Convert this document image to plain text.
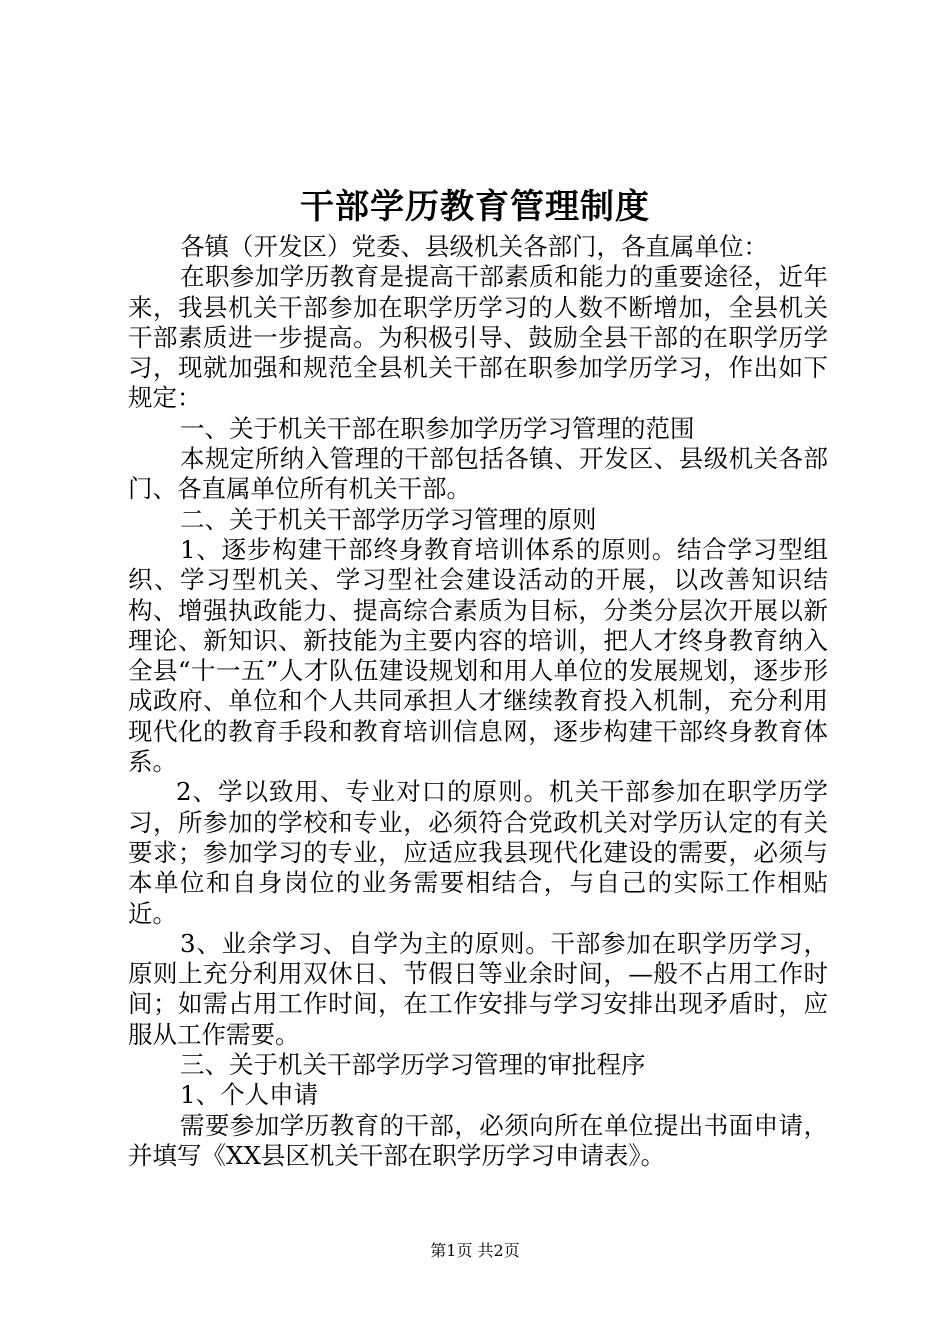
干部学历教育管理制度

各镇（开发区）党委、县级机关各部门，各直属单位：

在职参加学历教育是提高干部素质和能力的重要途径，近年来，我县机关干部参加在职学历学习的人数不断增加，全县机关干部素质进一步提高。为积极引导、鼓励全县干部的在职学历学习，现就加强和规范全县机关干部在职参加学历学习，作出如下规定：

一、关于机关干部在职参加学历学习管理的范围

本规定所纳入管理的干部包括各镇、开发区、县级机关各部门、各直属单位所有机关干部。

二、关于机关干部学历学习管理的原则

1、逐步构建干部终身教育培训体系的原则。结合学习型组织、学习型机关、学习型社会建设活动的开展，以改善知识结构、增强执政能力、提高综合素质为目标，分类分层次开展以新理论、新知识、新技能为主要内容的培训，把人才终身教育纳入全县“十一五”人才队伍建设规划和用人单位的发展规划，逐步形成政府、单位和个人共同承担人才继续教育投入机制，充分利用现代化的教育手段和教育培训信息网，逐步构建干部终身教育体系。

2、学以致用、专业对口的原则。机关干部参加在职学历学习，所参加的学校和专业，必须符合党政机关对学历认定的有关要求；参加学习的专业，应适应我县现代化建设的需要，必须与本单位和自身岗位的业务需要相结合，与自己的实际工作相贴近。

3、业余学习、自学为主的原则。干部参加在职学历学习，原则上充分利用双休日、节假日等业余时间，—般不占用工作时间；如需占用工作时间，在工作安排与学习安排出现矛盾时，应服从工作需要。

三、关于机关干部学历学习管理的审批程序

1、个人申请

需要参加学历教育的干部，必须向所在单位提出书面申请，并填写《XX县区机关干部在职学历学习申请表》。

第1页 共2页
